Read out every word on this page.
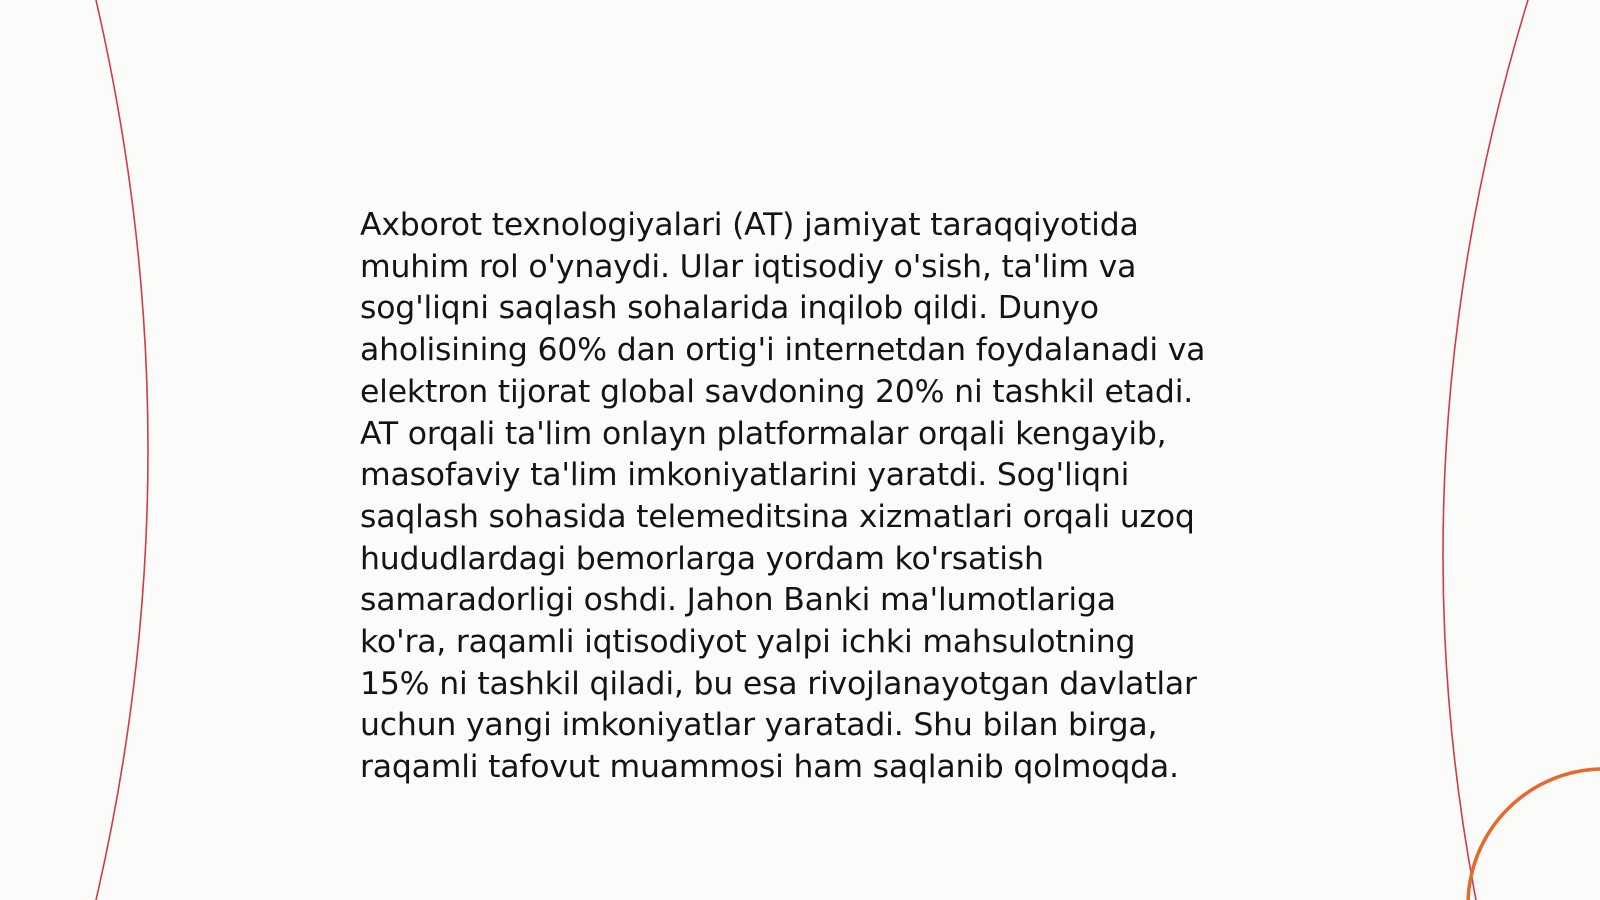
Axborot texnologiyalari (AT) jamiyat taraqqiyotida
muhim rol o'ynaydi. Ular iqtisodiy o'sish, ta'lim va
sog'liqni saqlash sohalarida inqilob qildi. Dunyo
aholisining 60% dan ortig'i internetdan foydalanadi va
elektron tijorat global savdoning 20% ni tashkil etadi.
AT orqali ta'lim onlayn platformalar orqali kengayib,
masofaviy ta'lim imkoniyatlarini yaratdi. Sog'liqni
saqlash sohasida telemeditsina xizmatlari orqali uzoq
hududlardagi bemorlarga yordam ko'rsatish
samaradorligi oshdi. Jahon Banki ma'lumotlariga
ko'ra, raqamli iqtisodiyot yalpi ichki mahsulotning
15% ni tashkil qiladi, bu esa rivojlanayotgan davlatlar
uchun yangi imkoniyatlar yaratadi. Shu bilan birga,
raqamli tafovut muammosi ham saqlanib qolmoqda.
